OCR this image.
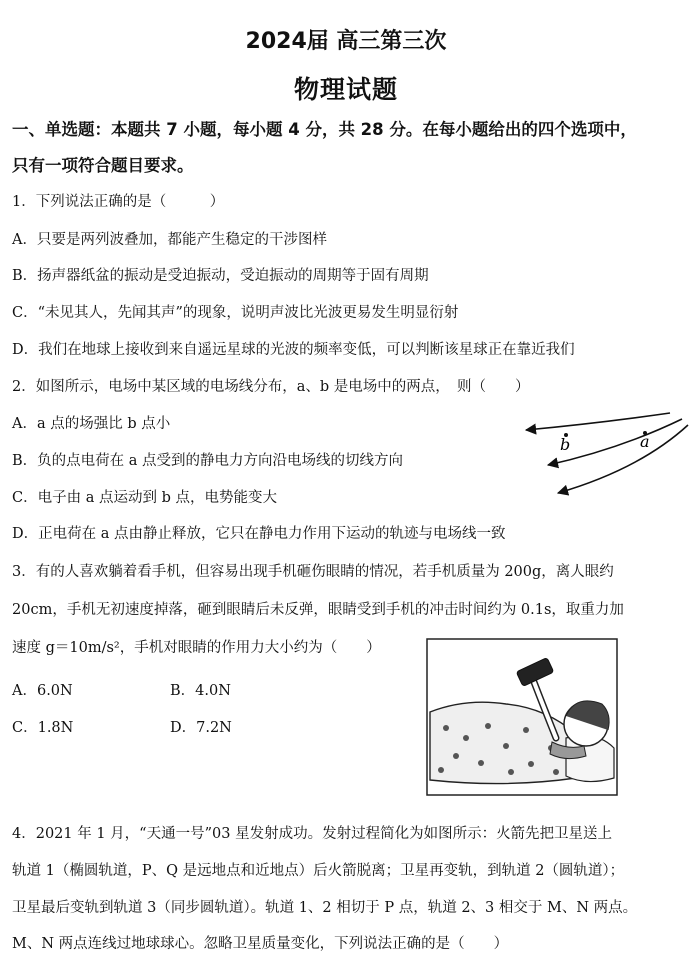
2024届 高三第三次
物理试题
一、单选题：本题共 7 小题，每小题 4 分，共 28 分。在每小题给出的四个选项中，
只有一项符合题目要求。
1．下列说法正确的是（　　　）
A．只要是两列波叠加，都能产生稳定的干涉图样
B．扬声器纸盆的振动是受迫振动，受迫振动的周期等于固有周期
C．“未见其人，先闻其声”的现象，说明声波比光波更易发生明显衍射
D．我们在地球上接收到来自遥远星球的光波的频率变低，可以判断该星球正在靠近我们
2．如图所示，电场中某区域的电场线分布，a、b 是电场中的两点，　则（　　）
A．a 点的场强比 b 点小
B．负的点电荷在 a 点受到的静电力方向沿电场线的切线方向
C．电子由 a 点运动到 b 点，电势能变大
D．正电荷在 a 点由静止释放，它只在静电力作用下运动的轨迹与电场线一致
a
b
3．有的人喜欢躺着看手机，但容易出现手机砸伤眼睛的情况，若手机质量为 200g，离人眼约
20cm，手机无初速度掉落，砸到眼睛后未反弹，眼睛受到手机的冲击时间约为 0.1s，取重力加
速度 g＝10m/s²，手机对眼睛的作用力大小约为（　　）
A．6.0N	B．4.0N
C．1.8N	D．7.2N
4．2021 年 1 月，“天通一号”03 星发射成功。发射过程简化为如图所示：火箭先把卫星送上
轨道 1（椭圆轨道，P、Q 是远地点和近地点）后火箭脱离；卫星再变轨，到轨道 2（圆轨道）；
卫星最后变轨到轨道 3（同步圆轨道）。轨道 1、2 相切于 P 点，轨道 2、3 相交于 M、N 两点。
M、N 两点连线过地球球心。忽略卫星质量变化，下列说法正确的是（　　）
